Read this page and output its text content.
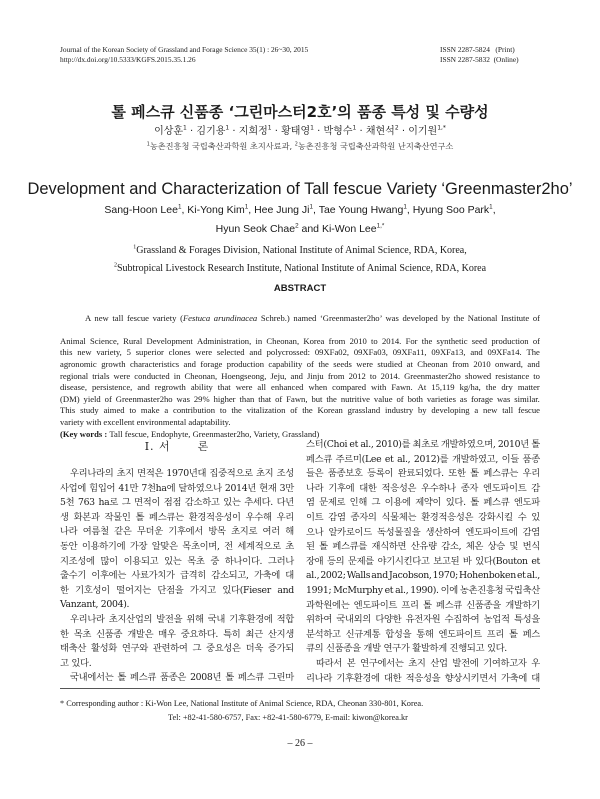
Journal of the Korean Society of Grassland and Forage Science 35(1) : 26~30, 2015
http://dx.doi.org/10.5333/KGFS.2015.35.1.26
ISSN 2287-5824   (Print)
ISSN 2287-5832  (Online)
톨 페스큐 신품종 ‘그린마스터2호’의 품종 특성 및 수량성
이상훈$^1$ · 김기용$^1$ · 지희정$^1$ · 황태영$^1$ · 박형수$^1$ · 채현석$^2$ · 이기원$^{1,*}$
$^1$농촌진흥청 국립축산과학원 초지사료과, $^2$농촌진흥청 국립축산과학원 난지축산연구소
Development and Characterization of Tall fescue Variety ‘Greenmaster2ho’
Sang-Hoon Lee$^1$, Ki-Yong Kim$^1$, Hee Jung Ji$^1$, Tae Young Hwang$^1$, Hyung Soo Park$^1$,
Hyun Seok Chae$^2$ and Ki-Won Lee$^{1,*}$
$^1$Grassland & Forages Division, National Institute of Animal Science, RDA, Korea,
$^2$Subtropical Livestock Research Institute, National Institute of Animal Science, RDA, Korea
ABSTRACT

A new tall fescue variety (Festuca arundinacea Schreb.) named ‘Greenmaster2ho’ was developed by the National Institute of

Animal Science, Rural Development Administration, in Cheonan, Korea from 2010 to 2014. For the synthetic seed production of
this new variety, 5 superior clones were selected and polycrossed: 09XFa02, 09XFa03, 09XFa11, 09XFa13, and 09XFa14. The
agronomic growth characteristics and forage production capability of the seeds were studied at Cheonan from 2010 onward, and
regional trials were conducted in Cheonan, Hoengseong, Jeju, and Jinju from 2012 to 2014. Greenmaster2ho showed resistance to
disease, persistence, and regrowth ability that were all enhanced when compared with Fawn. At 15,119 kg/ha, the dry matter
(DM) yield of Greenmaster2ho was 29% higher than that of Fawn, but the nutritive value of both varieties as forage was similar.
This study aimed to make a contribution to the vitalization of the Korean grassland industry by developing a new tall fescue
variety with excellent environmental adaptability.
(Key words : Tall fescue, Endophyte, Greenmaster2ho, Variety, Grassland)
Ⅰ. 서      론
우리나라의 초지 면적은 1970년대 집중적으로 초지 조성
사업에 힘입어 41만 7천ha에 달하였으나 2014년 현재 3만
5천 763 ha로 그 면적이 점점 감소하고 있는 추세다. 다년
생 화본과 작물인 톨 페스큐는 환경적응성이 우수해 우리
나라 여름철 같은 무더운 기후에서 방목 초지로 여러 해
동안 이용하기에 가장 알맞은 목초이며, 전 세계적으로 초
지조성에 많이 이용되고 있는 목초 중 하나이다. 그러나
출수기 이후에는 사료가치가 급격히 감소되고, 가축에 대
한 기호성이 떨어지는 단점을 가지고 있다(Fieser and
Vanzant, 2004).
우리나라 초지산업의 발전을 위해 국내 기후환경에 적합
한 목초 신품종 개발은 매우 중요하다. 특히 최근 산지생
태축산 활성화 연구와 관련하여 그 중요성은 더욱 증가되
고 있다.
국내에서는 톨 페스큐 품종은 2008년 톨 페스큐 그린마
스터(Choi et al., 2010)를 최초로 개발하였으며, 2010년 톨
페스큐 주르미(Lee et al., 2012)를 개발하였고, 이들 품종
들은 품종보호 등록이 완료되었다. 또한 톨 페스큐는 우리
나라 기후에 대한 적응성은 우수하나 종자 엔도파이트 감
염 문제로 인해 그 이용에 제약이 있다. 톨 페스큐 엔도파
이트 감염 종자의 식물체는 환경적응성은 강화시킬 수 있
으나 알카로이드 독성물질을 생산하여 엔도파이트에 감염
된 톨 페스큐를 재식하면 산유량 감소, 체온 상승 및 번식
장애 등의 문제를 야기시킨다고 보고된 바 있다(Bouton et
al., 2002; Walls and Jacobson, 1970; Hohenboken et al.,
1991; McMurphy et al., 1990). 이에 농촌진흥청 국립축산
과학원에는 엔도파이트 프리 톨 페스큐 신품종을 개발하기
위하여 국내외의 다양한 유전자원 수집하여 농업적 특성을
분석하고 신규계통 합성을 통해 엔도파이트 프리 톨 페스
큐의 신품종을 개발 연구가 활발하게 진행되고 있다.
따라서 본 연구에서는 초지 산업 발전에 기여하고자 우
리나라 기후환경에 대한 적응성을 향상시키면서 가축에 대
* Corresponding author : Ki-Won Lee, National Institute of Animal Science, RDA, Cheonan 330-801, Korea.
Tel: +82-41-580-6757, Fax: +82-41-580-6779, E-mail: kiwon@korea.kr
– 26 –
